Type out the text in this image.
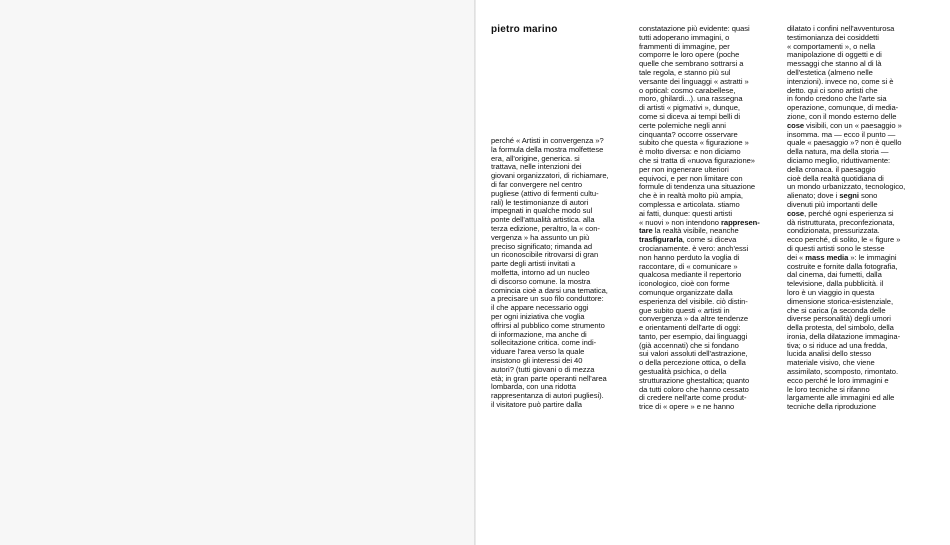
pietro marino
perché « Artisti in convergenza »?
la formula della mostra molfettese
era, all'origine, generica. si
trattava, nelle intenzioni dei
giovani organizzatori, di richiamare,
di far convergere nel centro
pugliese (attivo di fermenti cultu-
rali) le testimonianze di autori
impegnati in qualche modo sul
ponte dell'attualità artistica. alla
terza edizione, peraltro, la « con-
vergenza » ha assunto un più
preciso significato; rimanda ad
un riconoscibile ritrovarsi di gran
parte degli artisti invitati a
molfetta, intorno ad un nucleo
di discorso comune. la mostra
comincia cioè a darsi una tematica,
a precisare un suo filo conduttore:
il che appare necessario oggi
per ogni iniziativa che voglia
offrirsi al pubblico come strumento
di informazione, ma anche di
sollecitazione critica. come indi-
viduare l'area verso la quale
insistono gli interessi dei 40
autori? (tutti giovani o di mezza
età; in gran parte operanti nell'area
lombarda, con una ridotta
rappresentanza di autori pugliesi).
il visitatore può partire dalla
constatazione più evidente: quasi
tutti adoperano immagini, o
frammenti di immagine, per
comporre le loro opere (poche
quelle che sembrano sottrarsi a
tale regola, e stanno più sul
versante dei linguaggi « astratti »
o optical: cosmo carabellese,
moro, ghilardi...). una rassegna
di artisti « pigmativi », dunque,
come si diceva ai tempi belli di
certe polemiche negli anni
cinquanta? occorre osservare
subito che questa « figurazione »
è molto diversa: e non diciamo
che si tratta di «nuova figurazione»
per non ingenerare ulteriori
equivoci, e per non limitare con
formule di tendenza una situazione
che è in realtà molto più ampia,
complessa e articolata. stiamo
ai fatti, dunque: questi artisti
« nuovi » non intendono rappresen-
tare la realtà visibile, neanche
trasfigurarla, come si diceva
crocianamente. è vero: anch'essi
non hanno perduto la voglia di
raccontare, di « comunicare »
qualcosa mediante il repertorio
iconologico, cioè con forme
comunque organizzate dalla
esperienza del visibile. ciò distin-
gue subito questi « artisti in
convergenza » da altre tendenze
e orientamenti dell'arte di oggi:
tanto, per esempio, dai linguaggi
(già accennati) che si fondano
sui valori assoluti dell'astrazione,
o della percezione ottica, o della
gestualità psichica, o della
strutturazione ghestaltica; quanto
da tutti coloro che hanno cessato
di credere nell'arte come produt-
trice di « opere » e ne hanno
dilatato i confini nell'avventurosa
testimonianza dei cosiddetti
« comportamenti », o nella
manipolazione di oggetti e di
messaggi che stanno al di là
dell'estetica (almeno nelle
intenzioni). invece no, come si è
detto. qui ci sono artisti che
in fondo credono che l'arte sia
operazione, comunque, di media-
zione, con il mondo esterno delle
cose visibili, con un « paesaggio »
insomma. ma — ecco il punto —
quale « paesaggio »? non è quello
della natura, ma della storia —
diciamo meglio, riduttivamente:
della cronaca. il paesaggio
cioè della realtà quotidiana di
un mondo urbanizzato, tecnologico,
alienato; dove i segni sono
divenuti più importanti delle
cose, perché ogni esperienza si
dà ristrutturata, preconfezionata,
condizionata, pressurizzata.
ecco perché, di solito, le « figure »
di questi artisti sono le stesse
dei « mass media »: le immagini
costruite e fornite dalla fotografia,
dal cinema, dai fumetti, dalla
televisione, dalla pubblicità. il
loro è un viaggio in questa
dimensione storica-esistenziale,
che si carica (a seconda delle
diverse personalità) degli umori
della protesta, del simbolo, della
ironia, della dilatazione immagina-
tiva; o si riduce ad una fredda,
lucida analisi dello stesso
materiale visivo, che viene
assimilato, scomposto, rimontato.
ecco perché le loro immagini e
le loro tecniche si rifanno
largamente alle immagini ed alle
tecniche della riproduzione
